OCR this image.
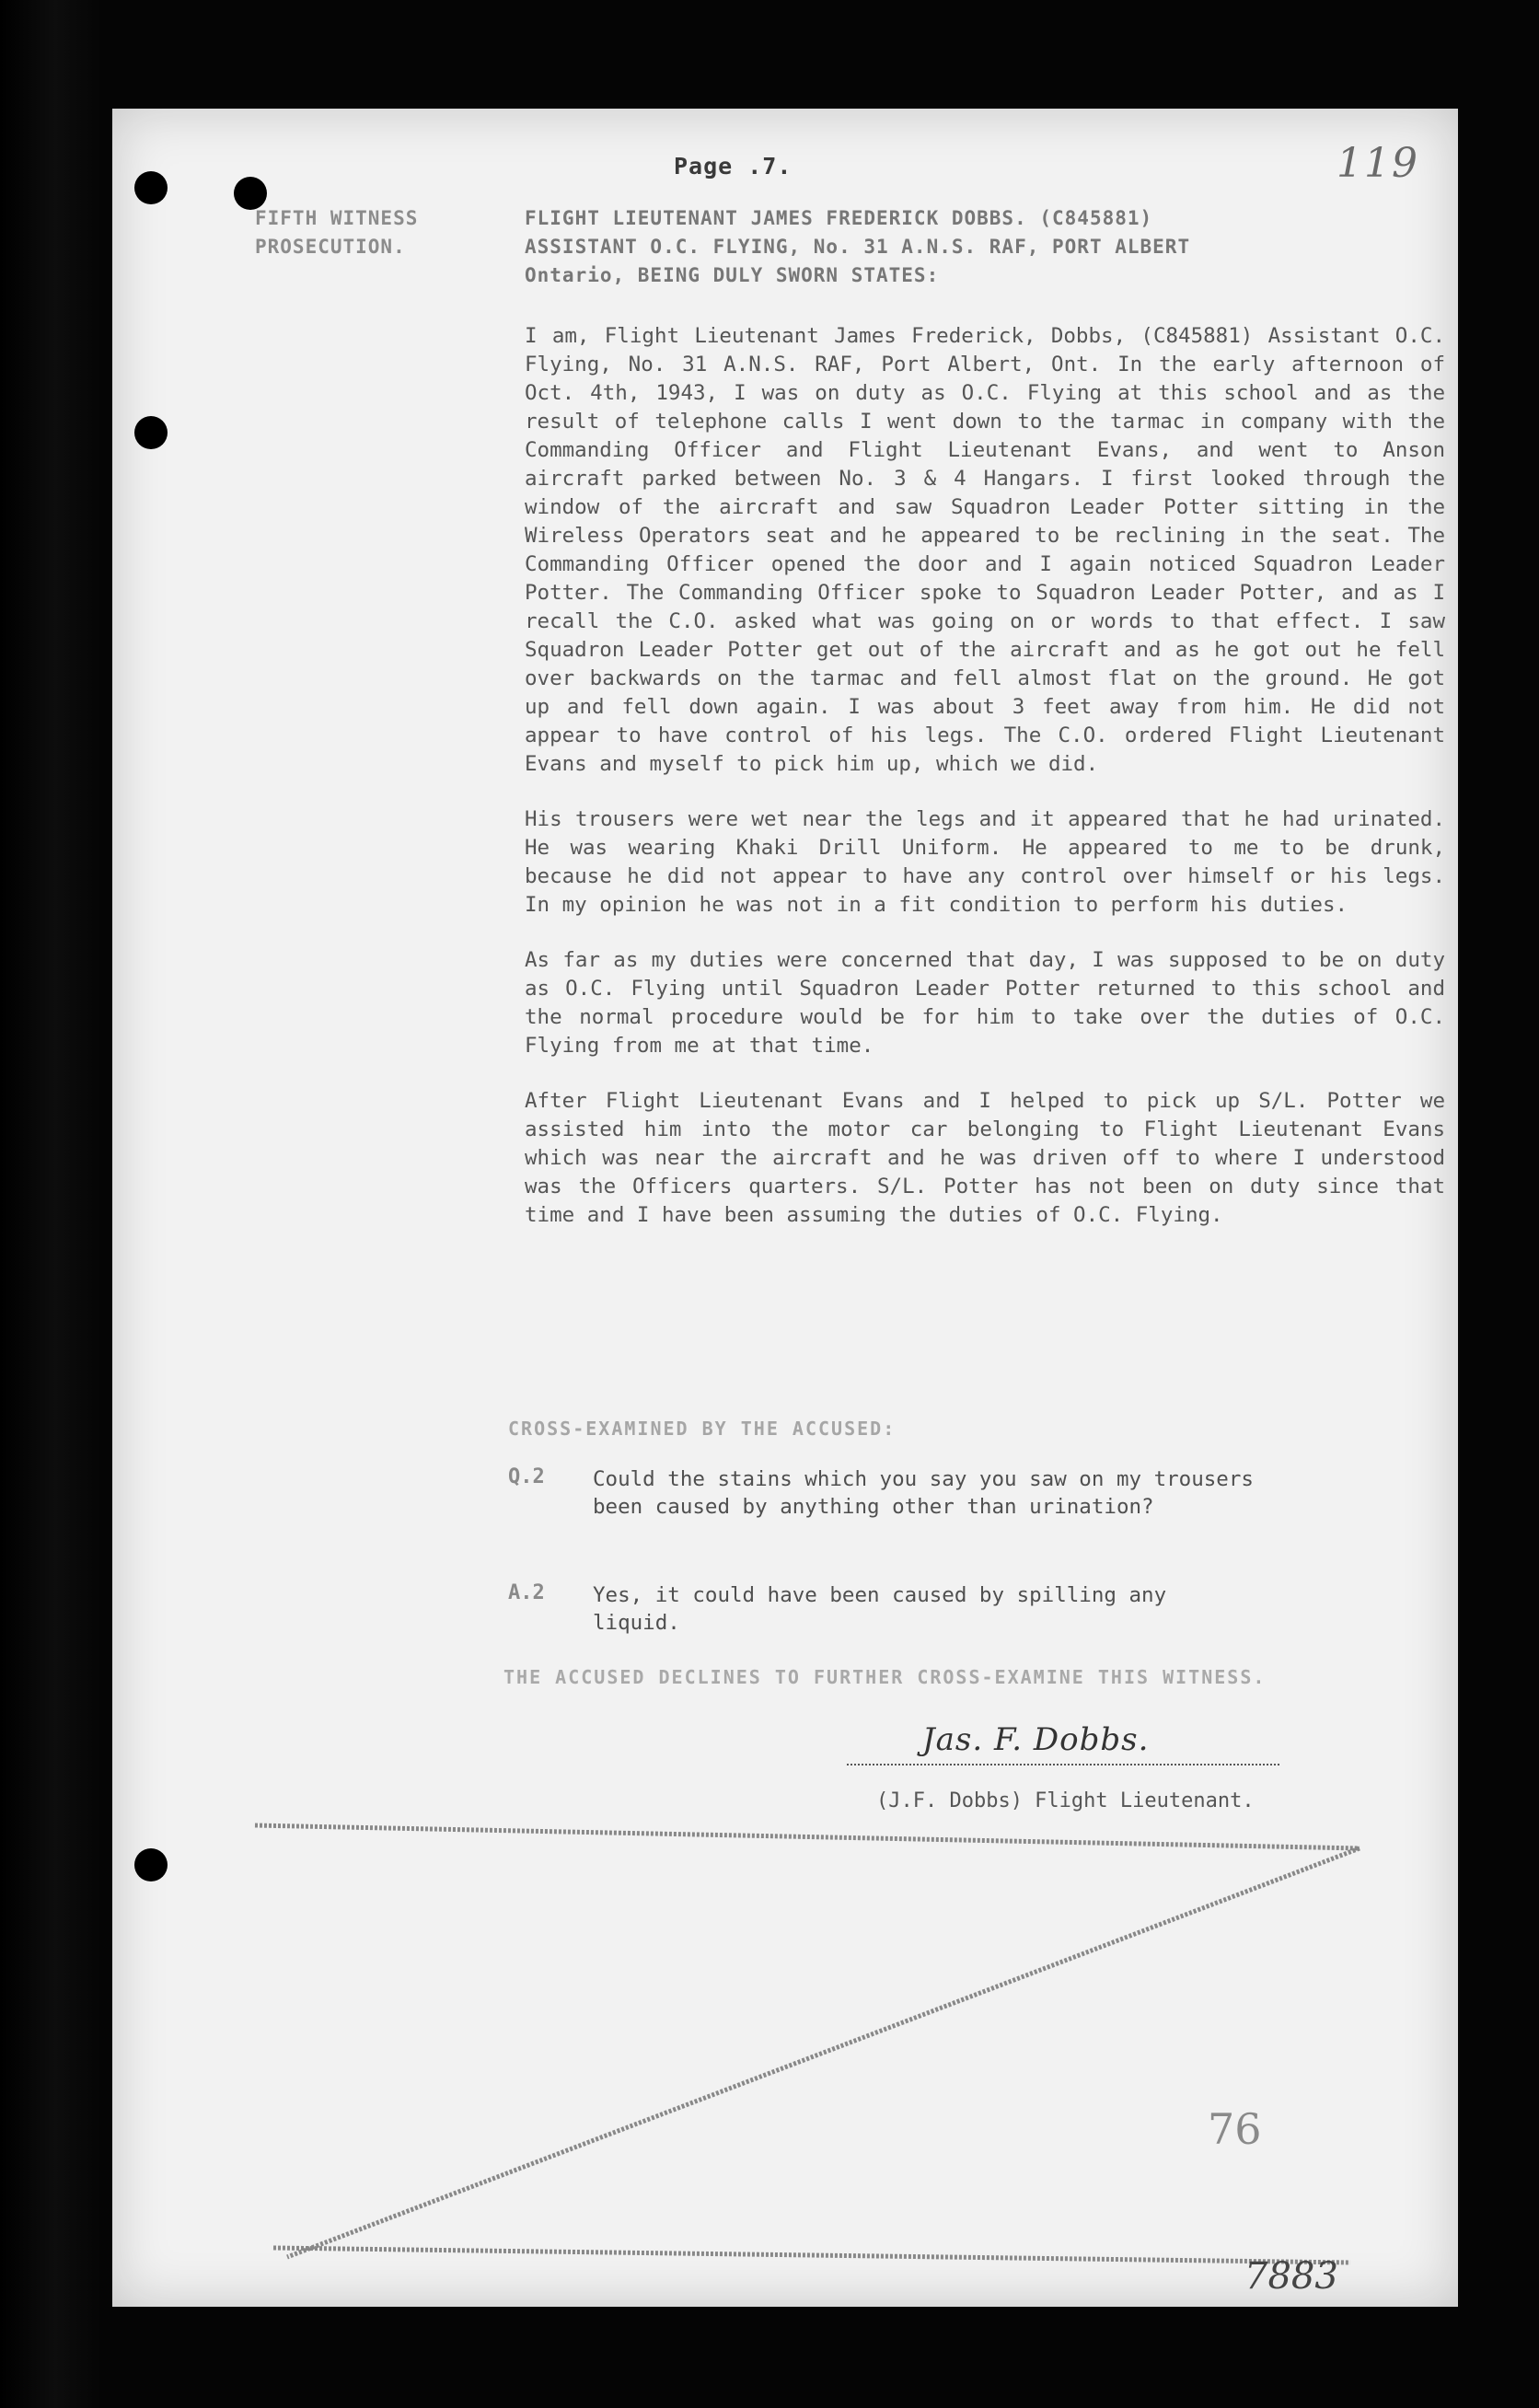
Page .7.	119
FIFTH WITNESS
PROSECUTION.
FLIGHT LIEUTENANT JAMES FREDERICK DOBBS. (C845881)
ASSISTANT O.C. FLYING, No. 31 A.N.S. RAF, PORT ALBERT
Ontario, BEING DULY SWORN STATES:

I am, Flight Lieutenant James Frederick, Dobbs, (C845881) Assistant O.C. Flying, No. 31 A.N.S. RAF, Port Albert, Ont. In the early afternoon of Oct. 4th, 1943, I was on duty as O.C. Flying at this school and as the result of telephone calls I went down to the tarmac in company with the Commanding Officer and Flight Lieutenant Evans, and went to Anson aircraft parked between No. 3 & 4 Hangars. I first looked through the window of the aircraft and saw Squadron Leader Potter sitting in the Wireless Operators seat and he appeared to be reclining in the seat. The Commanding Officer opened the door and I again noticed Squadron Leader Potter. The Commanding Officer spoke to Squadron Leader Potter, and as I recall the C.O. asked what was going on or words to that effect. I saw Squadron Leader Potter get out of the aircraft and as he got out he fell over backwards on the tarmac and fell almost flat on the ground. He got up and fell down again. I was about 3 feet away from him. He did not appear to have control of his legs. The C.O. ordered Flight Lieutenant Evans and myself to pick him up, which we did.

His trousers were wet near the legs and it appeared that he had urinated. He was wearing Khaki Drill Uniform. He appeared to me to be drunk, because he did not appear to have any control over himself or his legs. In my opinion he was not in a fit condition to perform his duties.

As far as my duties were concerned that day, I was supposed to be on duty as O.C. Flying until Squadron Leader Potter returned to this school and the normal procedure would be for him to take over the duties of O.C. Flying from me at that time.

After Flight Lieutenant Evans and I helped to pick up S/L. Potter we assisted him into the motor car belonging to Flight Lieutenant Evans which was near the aircraft and he was driven off to where I understood was the Officers quarters. S/L. Potter has not been on duty since that time and I have been assuming the duties of O.C. Flying.

CROSS-EXAMINED BY THE ACCUSED:
Q.2 Could the stains which you say you saw on my trousers been caused by anything other than urination?
A.2 Yes, it could have been caused by spilling any liquid.
THE ACCUSED DECLINES TO FURTHER CROSS-EXAMINE THIS WITNESS.
Jas. F. Dobbs.
(J.F. Dobbs) Flight Lieutenant.
76
7883
